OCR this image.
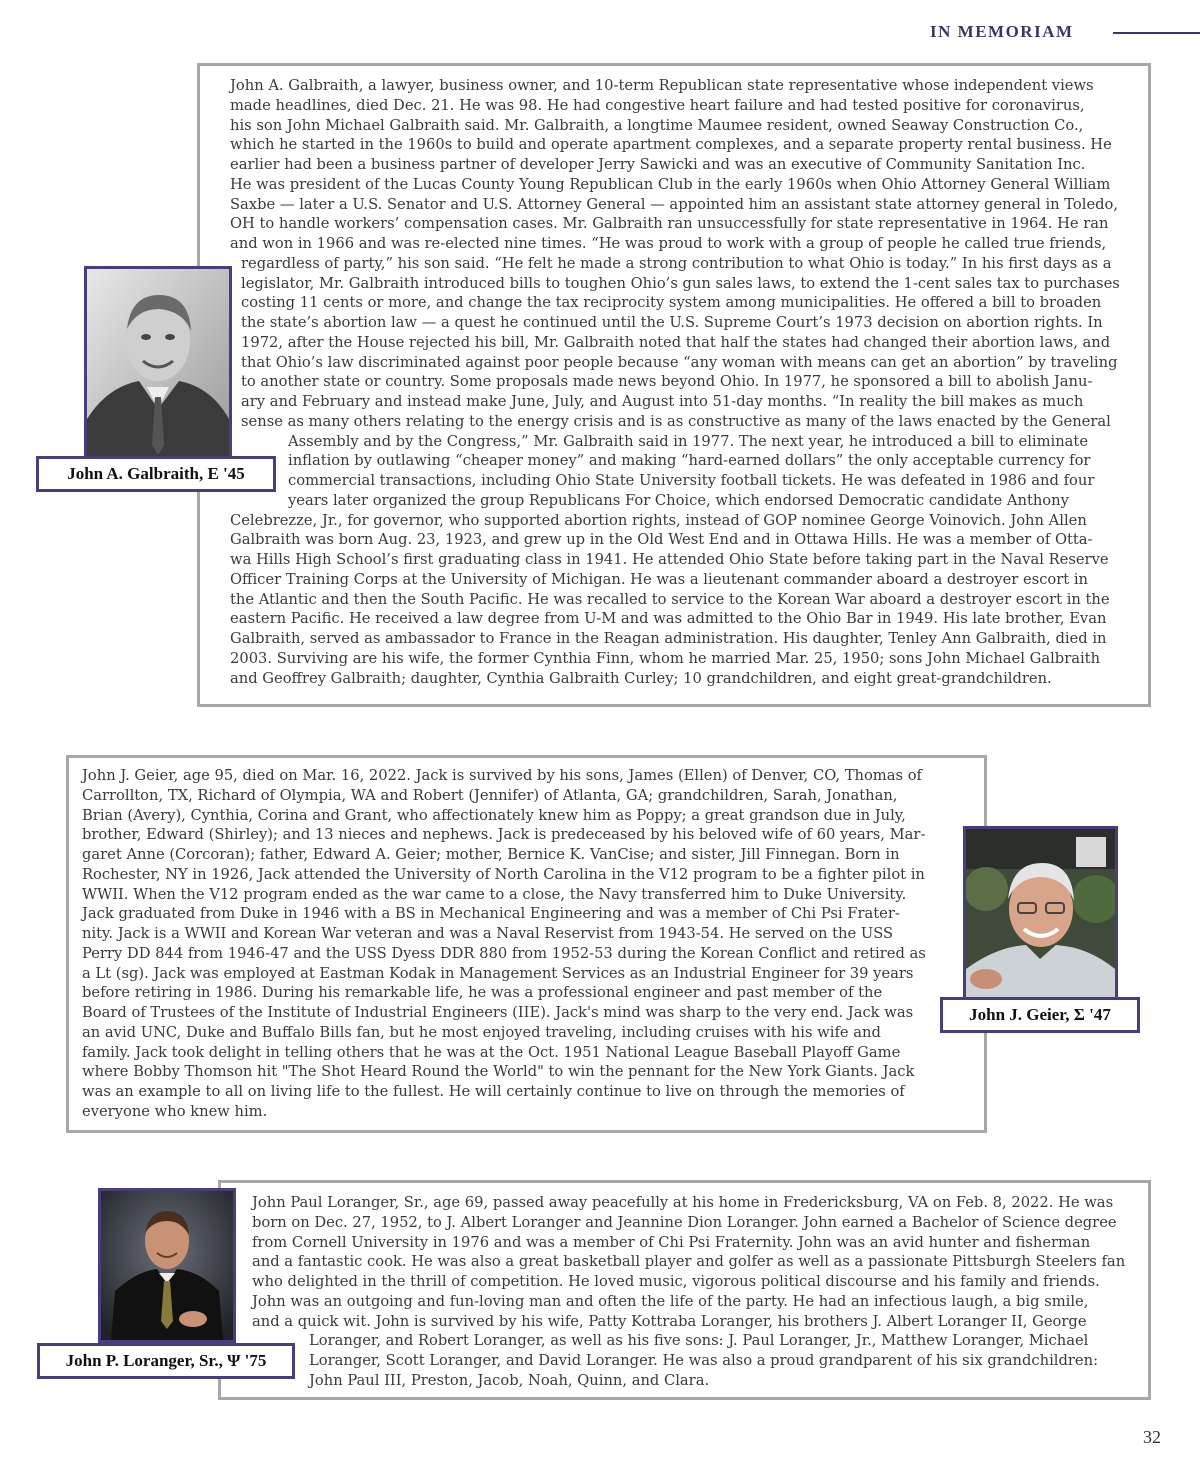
IN MEMORIAM
John A. Galbraith, a lawyer, business owner, and 10-term Republican state representative whose independent views
made headlines, died Dec. 21. He was 98. He had congestive heart failure and had tested positive for coronavirus,
his son John Michael Galbraith said. Mr. Galbraith, a longtime Maumee resident, owned Seaway Construction Co.,
which he started in the 1960s to build and operate apartment complexes, and a separate property rental business. He
earlier had been a business partner of developer Jerry Sawicki and was an executive of Community Sanitation Inc.
He was president of the Lucas County Young Republican Club in the early 1960s when Ohio Attorney General William
Saxbe — later a U.S. Senator and U.S. Attorney General — appointed him an assistant state attorney general in Toledo,
OH to handle workers’ compensation cases. Mr. Galbraith ran unsuccessfully for state representative in 1964. He ran
and won in 1966 and was re-elected nine times. “He was proud to work with a group of people he called true friends,
regardless of party,” his son said. “He felt he made a strong contribution to what Ohio is today.” In his first days as a
legislator, Mr. Galbraith introduced bills to toughen Ohio’s gun sales laws, to extend the 1-cent sales tax to purchases
costing 11 cents or more, and change the tax reciprocity system among municipalities. He offered a bill to broaden
the state’s abortion law — a quest he continued until the U.S. Supreme Court’s 1973 decision on abortion rights. In
1972, after the House rejected his bill, Mr. Galbraith noted that half the states had changed their abortion laws, and
that Ohio’s law discriminated against poor people because “any woman with means can get an abortion” by traveling
to another state or country. Some proposals made news beyond Ohio. In 1977, he sponsored a bill to abolish Janu-
ary and February and instead make June, July, and August into 51-day months. “In reality the bill makes as much
sense as many others relating to the energy crisis and is as constructive as many of the laws enacted by the General
Assembly and by the Congress,” Mr. Galbraith said in 1977. The next year, he introduced a bill to eliminate
inflation by outlawing “cheaper money” and making “hard-earned dollars” the only acceptable currency for
commercial transactions, including Ohio State University football tickets. He was defeated in 1986 and four
years later organized the group Republicans For Choice, which endorsed Democratic candidate Anthony
Celebrezze, Jr., for governor, who supported abortion rights, instead of GOP nominee George Voinovich. John Allen
Galbraith was born Aug. 23, 1923, and grew up in the Old West End and in Ottawa Hills. He was a member of Otta-
wa Hills High School’s first graduating class in 1941. He attended Ohio State before taking part in the Naval Reserve
Officer Training Corps at the University of Michigan. He was a lieutenant commander aboard a destroyer escort in
the Atlantic and then the South Pacific. He was recalled to service to the Korean War aboard a destroyer escort in the
eastern Pacific. He received a law degree from U-M and was admitted to the Ohio Bar in 1949. His late brother, Evan
Galbraith, served as ambassador to France in the Reagan administration. His daughter, Tenley Ann Galbraith, died in
2003. Surviving are his wife, the former Cynthia Finn, whom he married Mar. 25, 1950; sons John Michael Galbraith
and Geoffrey Galbraith; daughter, Cynthia Galbraith Curley; 10 grandchildren, and eight great-grandchildren.
John A. Galbraith, E '45
John J. Geier, age 95, died on Mar. 16, 2022. Jack is survived by his sons, James (Ellen) of Denver, CO, Thomas of
Carrollton, TX, Richard of Olympia, WA and Robert (Jennifer) of Atlanta, GA; grandchildren, Sarah, Jonathan,
Brian (Avery), Cynthia, Corina and Grant, who affectionately knew him as Poppy; a great grandson due in July,
brother, Edward (Shirley); and 13 nieces and nephews. Jack is predeceased by his beloved wife of 60 years, Mar-
garet Anne (Corcoran); father, Edward A. Geier; mother, Bernice K. VanCise; and sister, Jill Finnegan. Born in
Rochester, NY in 1926, Jack attended the University of North Carolina in the V12 program to be a fighter pilot in
WWII. When the V12 program ended as the war came to a close, the Navy transferred him to Duke University.
Jack graduated from Duke in 1946 with a BS in Mechanical Engineering and was a member of Chi Psi Frater-
nity. Jack is a WWII and Korean War veteran and was a Naval Reservist from 1943-54. He served on the USS
Perry DD 844 from 1946-47 and the USS Dyess DDR 880 from 1952-53 during the Korean Conflict and retired as
a Lt (sg). Jack was employed at Eastman Kodak in Management Services as an Industrial Engineer for 39 years
before retiring in 1986. During his remarkable life, he was a professional engineer and past member of the
Board of Trustees of the Institute of Industrial Engineers (IIE). Jack's mind was sharp to the very end. Jack was
an avid UNC, Duke and Buffalo Bills fan, but he most enjoyed traveling, including cruises with his wife and
family. Jack took delight in telling others that he was at the Oct. 1951 National League Baseball Playoff Game
where Bobby Thomson hit "The Shot Heard Round the World" to win the pennant for the New York Giants. Jack
was an example to all on living life to the fullest. He will certainly continue to live on through the memories of
everyone who knew him.
John J. Geier, Σ '47
John Paul Loranger, Sr., age 69, passed away peacefully at his home in Fredericksburg, VA on Feb. 8, 2022. He was
born on Dec. 27, 1952, to J. Albert Loranger and Jeannine Dion Loranger. John earned a Bachelor of Science degree
from Cornell University in 1976 and was a member of Chi Psi Fraternity. John was an avid hunter and fisherman
and a fantastic cook. He was also a great basketball player and golfer as well as a passionate Pittsburgh Steelers fan
who delighted in the thrill of competition. He loved music, vigorous political discourse and his family and friends.
John was an outgoing and fun-loving man and often the life of the party. He had an infectious laugh, a big smile,
and a quick wit. John is survived by his wife, Patty Kottraba Loranger, his brothers J. Albert Loranger II, George
Loranger, and Robert Loranger, as well as his five sons: J. Paul Loranger, Jr., Matthew Loranger, Michael
Loranger, Scott Loranger, and David Loranger. He was also a proud grandparent of his six grandchildren:
John Paul III, Preston, Jacob, Noah, Quinn, and Clara.
John P. Loranger, Sr., Ψ '75
32
